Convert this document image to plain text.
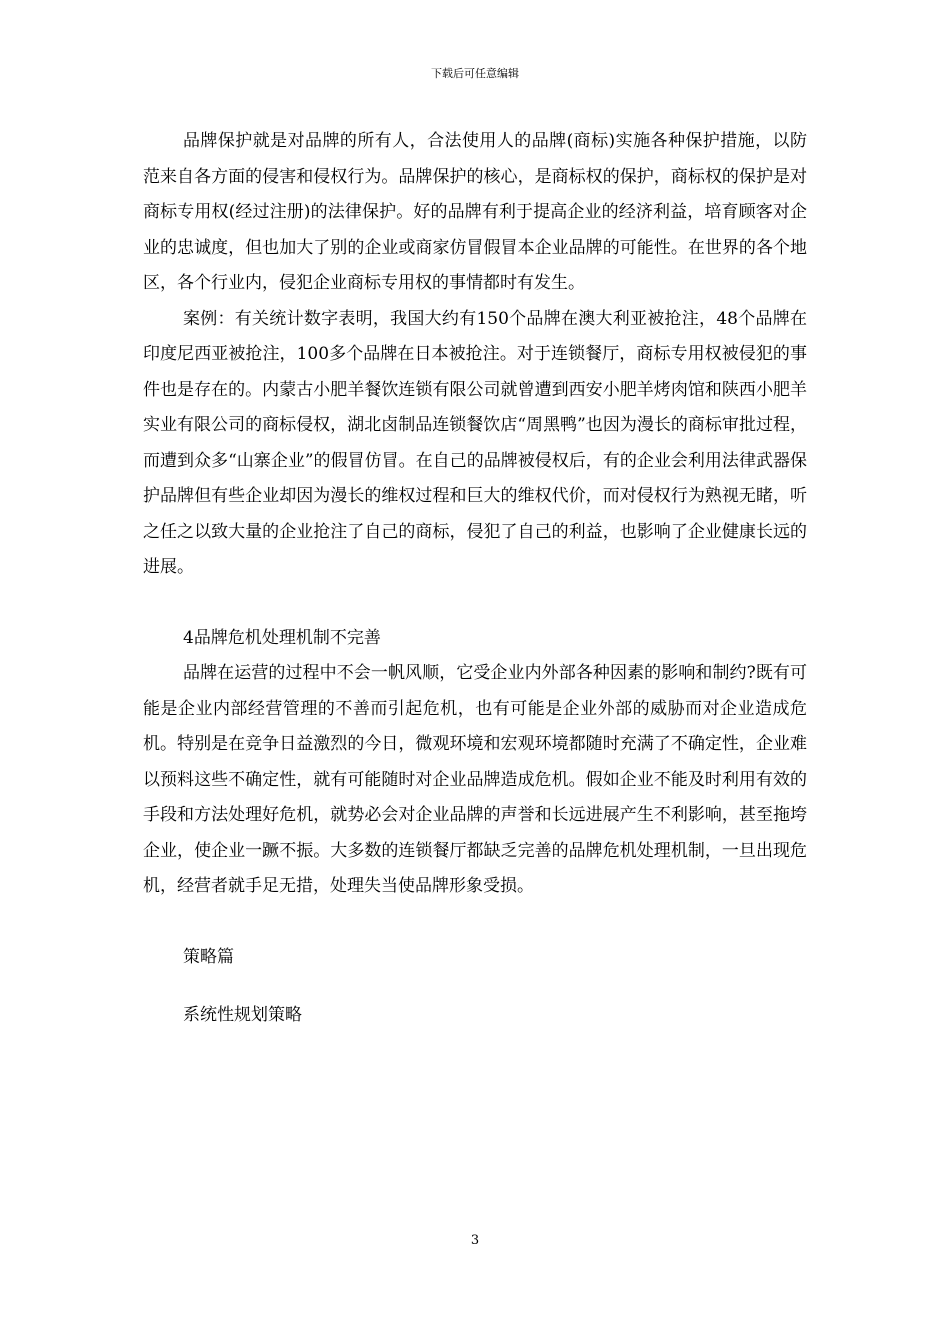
下载后可任意编辑

品牌保护就是对品牌的所有人，合法使用人的品牌(商标)实施各种保护措施，以防范来自各方面的侵害和侵权行为。品牌保护的核心，是商标权的保护，商标权的保护是对商标专用权(经过注册)的法律保护。好的品牌有利于提高企业的经济利益，培育顾客对企业的忠诚度，但也加大了别的企业或商家仿冒假冒本企业品牌的可能性。在世界的各个地区，各个行业内，侵犯企业商标专用权的事情都时有发生。

案例：有关统计数字表明，我国大约有150个品牌在澳大利亚被抢注，48个品牌在印度尼西亚被抢注，100多个品牌在日本被抢注。对于连锁餐厅，商标专用权被侵犯的事件也是存在的。内蒙古小肥羊餐饮连锁有限公司就曾遭到西安小肥羊烤肉馆和陕西小肥羊实业有限公司的商标侵权，湖北卤制品连锁餐饮店“周黑鸭”也因为漫长的商标审批过程，而遭到众多“山寨企业”的假冒仿冒。在自己的品牌被侵权后，有的企业会利用法律武器保护品牌但有些企业却因为漫长的维权过程和巨大的维权代价，而对侵权行为熟视无睹，听之任之以致大量的企业抢注了自己的商标，侵犯了自己的利益，也影响了企业健康长远的进展。

4品牌危机处理机制不完善

品牌在运营的过程中不会一帆风顺，它受企业内外部各种因素的影响和制约?既有可能是企业内部经营管理的不善而引起危机，也有可能是企业外部的威胁而对企业造成危机。特别是在竞争日益激烈的今日，微观环境和宏观环境都随时充满了不确定性，企业难以预料这些不确定性，就有可能随时对企业品牌造成危机。假如企业不能及时利用有效的手段和方法处理好危机，就势必会对企业品牌的声誉和长远进展产生不利影响，甚至拖垮企业，使企业一蹶不振。大多数的连锁餐厅都缺乏完善的品牌危机处理机制，一旦出现危机，经营者就手足无措，处理失当使品牌形象受损。

策略篇

系统性规划策略

3
